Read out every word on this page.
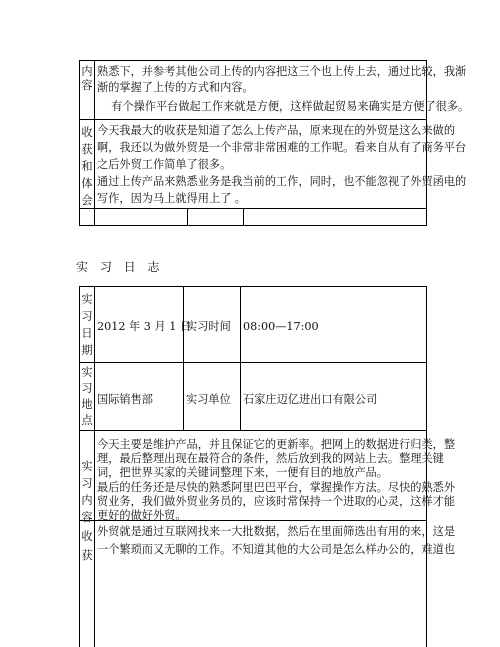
内
容
熟悉下，并参考其他公司上传的内容把这三个也上传上去，通过比较，我渐
渐的掌握了上传的方式和内容。
有个操作平台做起工作来就是方便，这样做起贸易来确实是方便了很多。
收
获
和
体
会
今天我最大的收获是知道了怎么上传产品，原来现在的外贸是这么来做的
啊，我还以为做外贸是一个非常非常困难的工作呢。看来自从有了商务平台
之后外贸工作简单了很多。
通过上传产品来熟悉业务是我当前的工作，同时，也不能忽视了外贸函电的
写作，因为马上就得用上了 。
实 习 日 志
实
习
日
期
2012 年 3 月 1 日
实习时间 08:00—17:00
实
习
地
点
国际销售部	实习单位 石家庄迈亿进出口有限公司
实
习
内
容
今天主要是维护产品，并且保证它的更新率。把网上的数据进行归类，整
理，最后整理出现在最符合的条件，然后放到我的网站上去。整理关键
词，把世界买家的关键词整理下来，一便有目的地放产品。
最后的任务还是尽快的熟悉阿里巴巴平台，掌握操作方法。尽快的熟悉外
贸业务，我们做外贸业务员的，应该时常保持一个进取的心灵，这样才能
更好的做好外贸。
收
获
外贸就是通过互联网找来一大批数据，然后在里面筛选出有用的来，这是
一个繁琐而又无聊的工作。不知道其他的大公司是怎么样办公的，难道也
